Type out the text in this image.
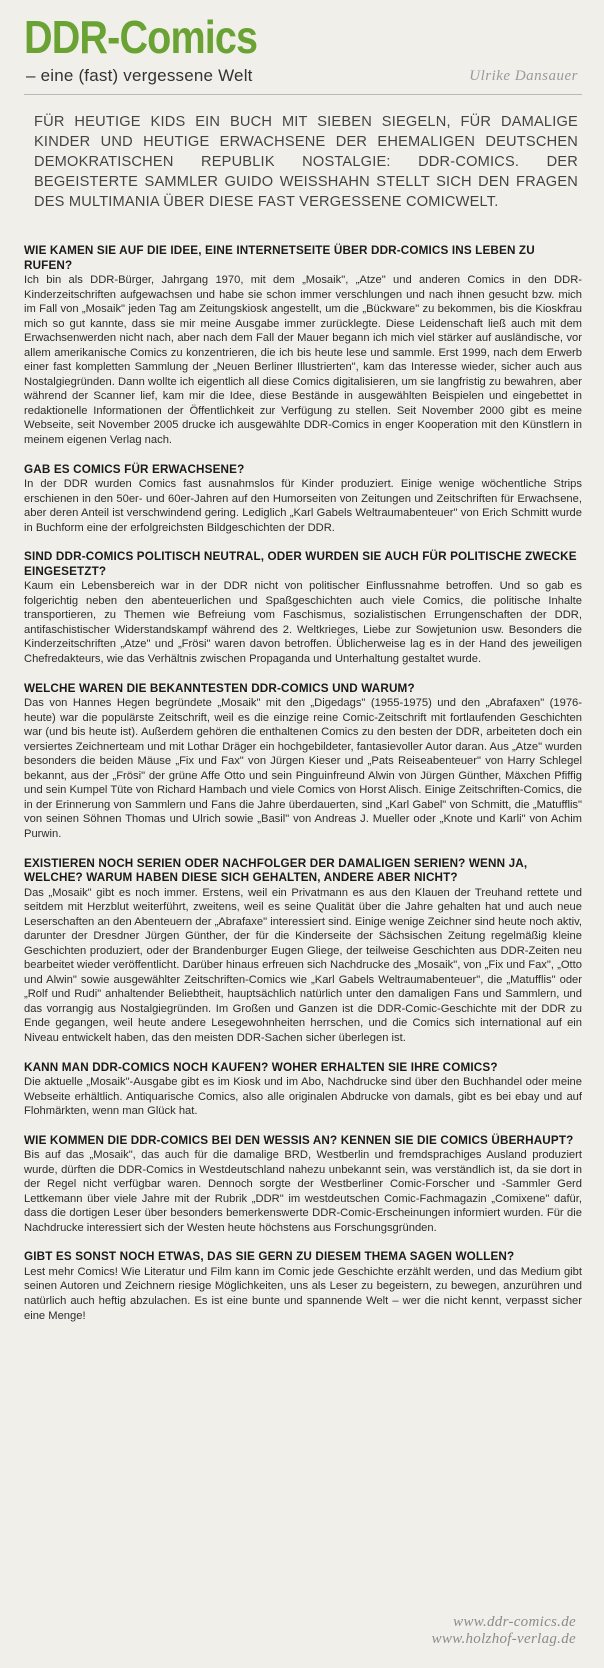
DDR-Comics
– eine (fast) vergessene Welt	Ulrike Dansauer
FÜR HEUTIGE KIDS EIN BUCH MIT SIEBEN SIEGELN, FÜR DAMALIGE KINDER UND HEUTIGE ERWACHSENE DER EHEMALIGEN DEUTSCHEN DEMOKRATISCHEN REPUBLIK NOSTALGIE: DDR-COMICS. DER BEGEISTERTE SAMMLER GUIDO WEISSHAHN STELLT SICH DEN FRAGEN DES MULTIMANIA ÜBER DIESE FAST VERGESSENE COMICWELT.

WIE KAMEN SIE AUF DIE IDEE, EINE INTERNETSEITE ÜBER DDR-COMICS INS LEBEN ZU RUFEN?

Ich bin als DDR-Bürger, Jahrgang 1970, mit dem „Mosaik", „Atze" und anderen Comics in den DDR-Kinderzeitschriften aufgewachsen und habe sie schon immer verschlungen und nach ihnen gesucht bzw. mich im Fall von „Mosaik" jeden Tag am Zeitungskiosk angestellt, um die „Bückware" zu bekommen, bis die Kioskfrau mich so gut kannte, dass sie mir meine Ausgabe immer zurücklegte. Diese Leidenschaft ließ auch mit dem Erwachsenwerden nicht nach, aber nach dem Fall der Mauer begann ich mich viel stärker auf ausländische, vor allem amerikanische Comics zu konzentrieren, die ich bis heute lese und sammle. Erst 1999, nach dem Erwerb einer fast kompletten Sammlung der „Neuen Berliner Illustrierten", kam das Interesse wieder, sicher auch aus Nostalgiegründen. Dann wollte ich eigentlich all diese Comics digitalisieren, um sie langfristig zu bewahren, aber während der Scanner lief, kam mir die Idee, diese Bestände in ausgewählten Beispielen und eingebettet in redaktionelle Informationen der Öffentlichkeit zur Verfügung zu stellen. Seit November 2000 gibt es meine Webseite, seit November 2005 drucke ich ausgewählte DDR-Comics in enger Kooperation mit den Künstlern in meinem eigenen Verlag nach.

GAB ES COMICS FÜR ERWACHSENE?

In der DDR wurden Comics fast ausnahmslos für Kinder produziert. Einige wenige wöchentliche Strips erschienen in den 50er- und 60er-Jahren auf den Humorseiten von Zeitungen und Zeitschriften für Erwachsene, aber deren Anteil ist verschwindend gering. Lediglich „Karl Gabels Weltraumabenteuer" von Erich Schmitt wurde in Buchform eine der erfolgreichsten Bildgeschichten der DDR.

SIND DDR-COMICS POLITISCH NEUTRAL, ODER WURDEN SIE AUCH FÜR POLITISCHE ZWECKE EINGESETZT?

Kaum ein Lebensbereich war in der DDR nicht von politischer Einflussnahme betroffen. Und so gab es folgerichtig neben den abenteuerlichen und Spaßgeschichten auch viele Comics, die politische Inhalte transportieren, zu Themen wie Befreiung vom Faschismus, sozialistischen Errungenschaften der DDR, antifaschistischer Widerstandskampf während des 2. Weltkrieges, Liebe zur Sowjetunion usw. Besonders die Kinderzeitschriften „Atze" und „Frösi" waren davon betroffen. Üblicherweise lag es in der Hand des jeweiligen Chefredakteurs, wie das Verhältnis zwischen Propaganda und Unterhaltung gestaltet wurde.

WELCHE WAREN DIE BEKANNTESTEN DDR-COMICS UND WARUM?

Das von Hannes Hegen begründete „Mosaik" mit den „Digedags" (1955-1975) und den „Abrafaxen" (1976-heute) war die populärste Zeitschrift, weil es die einzige reine Comic-Zeitschrift mit fortlaufenden Geschichten war (und bis heute ist). Außerdem gehören die enthaltenen Comics zu den besten der DDR, arbeiteten doch ein versiertes Zeichnerteam und mit Lothar Dräger ein hochgebildeter, fantasievoller Autor daran. Aus „Atze" wurden besonders die beiden Mäuse „Fix und Fax" von Jürgen Kieser und „Pats Reiseabenteuer" von Harry Schlegel bekannt, aus der „Frösi" der grüne Affe Otto und sein Pinguinfreund Alwin von Jürgen Günther, Mäxchen Pfiffig und sein Kumpel Tüte von Richard Hambach und viele Comics von Horst Alisch. Einige Zeitschriften-Comics, die in der Erinnerung von Sammlern und Fans die Jahre überdauerten, sind „Karl Gabel" von Schmitt, die „Matufflis" von seinen Söhnen Thomas und Ulrich sowie „Basil" von Andreas J. Mueller oder „Knote und Karli" von Achim Purwin.

EXISTIEREN NOCH SERIEN ODER NACHFOLGER DER DAMALIGEN SERIEN? WENN JA, WELCHE? WARUM HABEN DIESE SICH GEHALTEN, ANDERE ABER NICHT?

Das „Mosaik" gibt es noch immer. Erstens, weil ein Privatmann es aus den Klauen der Treuhand rettete und seitdem mit Herzblut weiterführt, zweitens, weil es seine Qualität über die Jahre gehalten hat und auch neue Leserschaften an den Abenteuern der „Abrafaxe" interessiert sind. Einige wenige Zeichner sind heute noch aktiv, darunter der Dresdner Jürgen Günther, der für die Kinderseite der Sächsischen Zeitung regelmäßig kleine Geschichten produziert, oder der Brandenburger Eugen Gliege, der teilweise Geschichten aus DDR-Zeiten neu bearbeitet wieder veröffentlicht. Darüber hinaus erfreuen sich Nachdrucke des „Mosaik", von „Fix und Fax", „Otto und Alwin" sowie ausgewählter Zeitschriften-Comics wie „Karl Gabels Weltraumabenteuer", die „Matufflis" oder „Rolf und Rudi" anhaltender Beliebtheit, hauptsächlich natürlich unter den damaligen Fans und Sammlern, und das vorrangig aus Nostalgiegründen. Im Großen und Ganzen ist die DDR-Comic-Geschichte mit der DDR zu Ende gegangen, weil heute andere Lesegewohnheiten herrschen, und die Comics sich international auf ein Niveau entwickelt haben, das den meisten DDR-Sachen sicher überlegen ist.

KANN MAN DDR-COMICS NOCH KAUFEN? WOHER ERHALTEN SIE IHRE COMICS?

Die aktuelle „Mosaik"-Ausgabe gibt es im Kiosk und im Abo, Nachdrucke sind über den Buchhandel oder meine Webseite erhältlich. Antiquarische Comics, also alle originalen Abdrucke von damals, gibt es bei ebay und auf Flohmärkten, wenn man Glück hat.

WIE KOMMEN DIE DDR-COMICS BEI DEN WESSIS AN? KENNEN SIE DIE COMICS ÜBERHAUPT?

Bis auf das „Mosaik", das auch für die damalige BRD, Westberlin und fremdsprachiges Ausland produziert wurde, dürften die DDR-Comics in Westdeutschland nahezu unbekannt sein, was verständlich ist, da sie dort in der Regel nicht verfügbar waren. Dennoch sorgte der Westberliner Comic-Forscher und -Sammler Gerd Lettkemann über viele Jahre mit der Rubrik „DDR" im westdeutschen Comic-Fachmagazin „Comixene" dafür, dass die dortigen Leser über besonders bemerkenswerte DDR-Comic-Erscheinungen informiert wurden. Für die Nachdrucke interessiert sich der Westen heute höchstens aus Forschungsgründen.

GIBT ES SONST NOCH ETWAS, DAS SIE GERN ZU DIESEM THEMA SAGEN WOLLEN?

Lest mehr Comics! Wie Literatur und Film kann im Comic jede Geschichte erzählt werden, und das Medium gibt seinen Autoren und Zeichnern riesige Möglichkeiten, uns als Leser zu begeistern, zu bewegen, anzurühren und natürlich auch heftig abzulachen. Es ist eine bunte und spannende Welt – wer die nicht kennt, verpasst sicher eine Menge!

www.ddr-comics.de
www.holzhof-verlag.de
